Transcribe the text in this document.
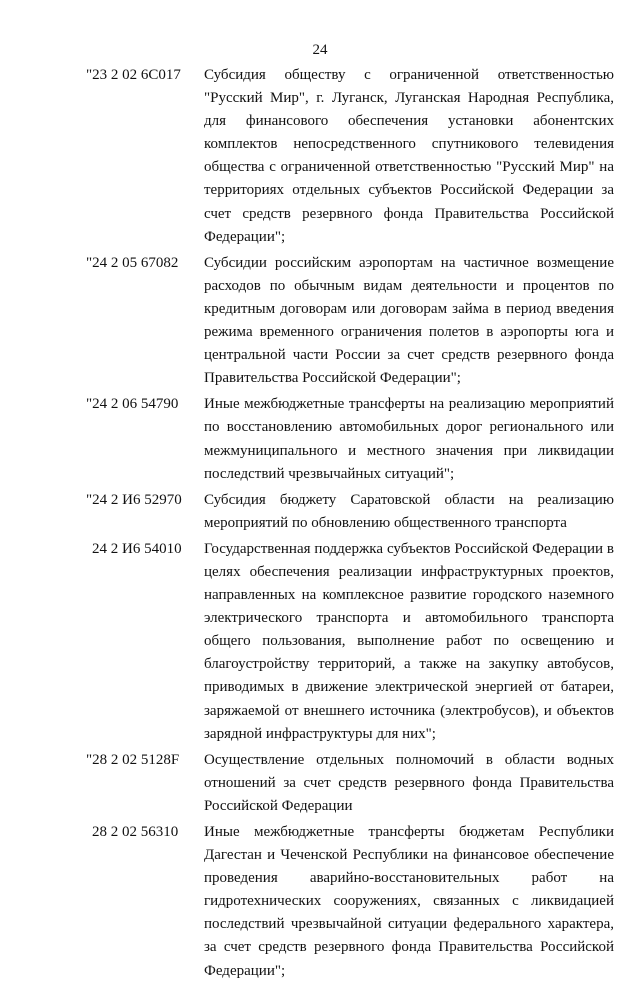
24
"23 2 02 6С017	Субсидия обществу с ограниченной ответственностью "Русский Мир", г. Луганск, Луганская Народная Республика, для финансового обеспечения установки абонентских комплектов непосредственного спутникового телевидения общества с ограниченной ответственностью "Русский Мир" на территориях отдельных субъектов Российской Федерации за счет средств резервного фонда Правительства Российской Федерации";
"24 2 05 67082	Субсидии российским аэропортам на частичное возмещение расходов по обычным видам деятельности и процентов по кредитным договорам или договорам займа в период введения режима временного ограничения полетов в аэропорты юга и центральной части России за счет средств резервного фонда Правительства Российской Федерации";
"24 2 06 54790	Иные межбюджетные трансферты на реализацию мероприятий по восстановлению автомобильных дорог регионального или межмуниципального и местного значения при ликвидации последствий чрезвычайных ситуаций";
"24 2 И6 52970	Субсидия бюджету Саратовской области на реализацию мероприятий по обновлению общественного транспорта
24 2 И6 54010	Государственная поддержка субъектов Российской Федерации в целях обеспечения реализации инфраструктурных проектов, направленных на комплексное развитие городского наземного электрического транспорта и автомобильного транспорта общего пользования, выполнение работ по освещению и благоустройству территорий, а также на закупку автобусов, приводимых в движение электрической энергией от батареи, заряжаемой от внешнего источника (электробусов), и объектов зарядной инфраструктуры для них";
"28 2 02 5128F	Осуществление отдельных полномочий в области водных отношений за счет средств резервного фонда Правительства Российской Федерации
28 2 02 56310	Иные межбюджетные трансферты бюджетам Республики Дагестан и Чеченской Республики на финансовое обеспечение проведения аварийно-восстановительных работ на гидротехнических сооружениях, связанных с ликвидацией последствий чрезвычайной ситуации федерального характера, за счет средств резервного фонда Правительства Российской Федерации";
